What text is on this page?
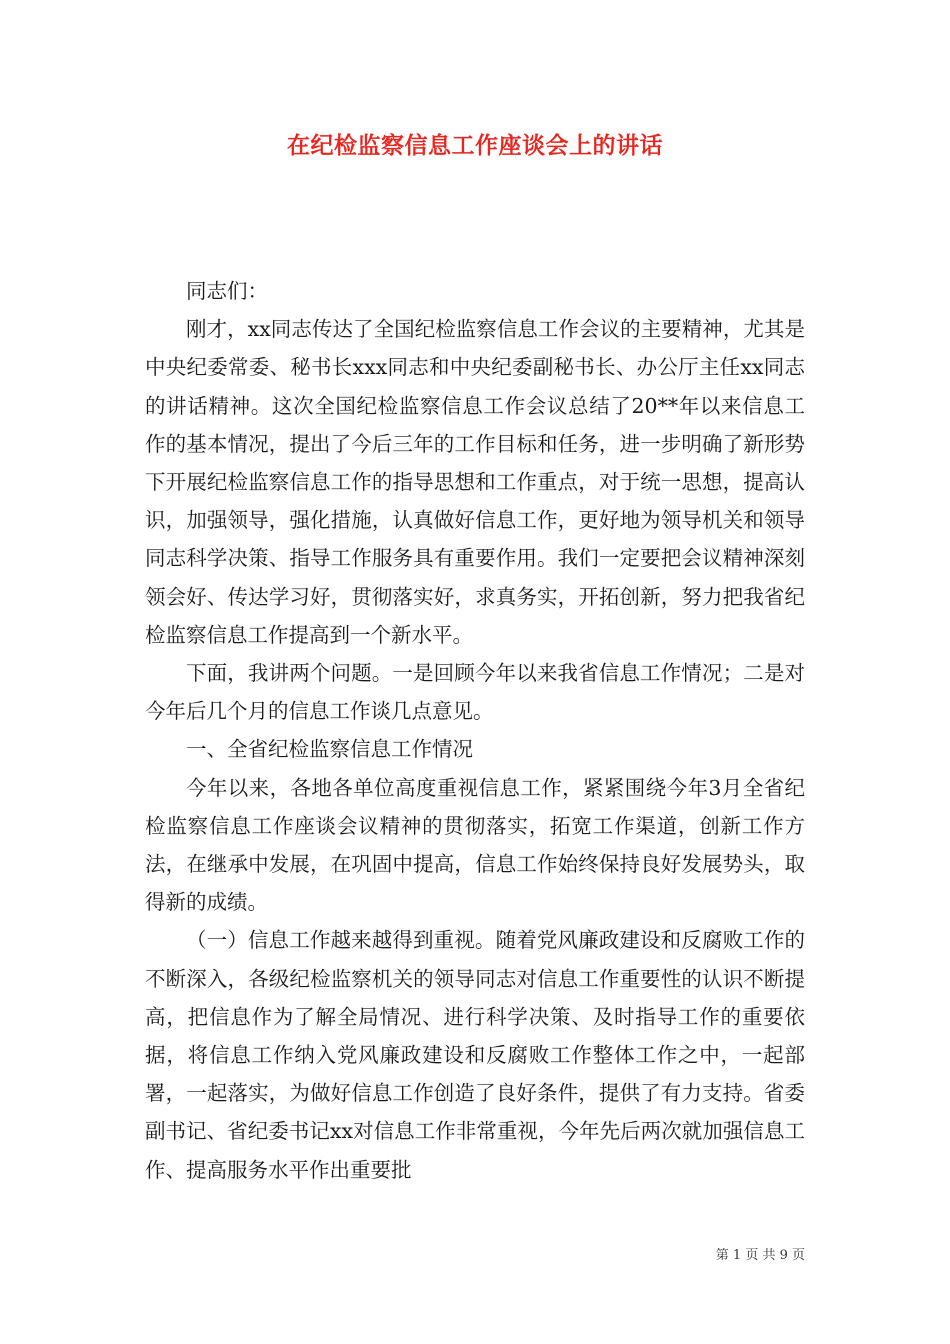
在纪检监察信息工作座谈会上的讲话

同志们：

刚才，xx同志传达了全国纪检监察信息工作会议的主要精神，尤其是中央纪委常委、秘书长xxx同志和中央纪委副秘书长、办公厅主任xx同志的讲话精神。这次全国纪检监察信息工作会议总结了20**年以来信息工作的基本情况，提出了今后三年的工作目标和任务，进一步明确了新形势下开展纪检监察信息工作的指导思想和工作重点，对于统一思想，提高认识，加强领导，强化措施，认真做好信息工作，更好地为领导机关和领导同志科学决策、指导工作服务具有重要作用。我们一定要把会议精神深刻领会好、传达学习好，贯彻落实好，求真务实，开拓创新，努力把我省纪检监察信息工作提高到一个新水平。

下面，我讲两个问题。一是回顾今年以来我省信息工作情况；二是对今年后几个月的信息工作谈几点意见。

一、全省纪检监察信息工作情况

今年以来，各地各单位高度重视信息工作，紧紧围绕今年3月全省纪检监察信息工作座谈会议精神的贯彻落实，拓宽工作渠道，创新工作方法，在继承中发展，在巩固中提高，信息工作始终保持良好发展势头，取得新的成绩。

（一）信息工作越来越得到重视。随着党风廉政建设和反腐败工作的不断深入，各级纪检监察机关的领导同志对信息工作重要性的认识不断提高，把信息作为了解全局情况、进行科学决策、及时指导工作的重要依据，将信息工作纳入党风廉政建设和反腐败工作整体工作之中，一起部署，一起落实，为做好信息工作创造了良好条件，提供了有力支持。省委副书记、省纪委书记xx对信息工作非常重视，今年先后两次就加强信息工作、提高服务水平作出重要批

第 1 页 共 9 页
